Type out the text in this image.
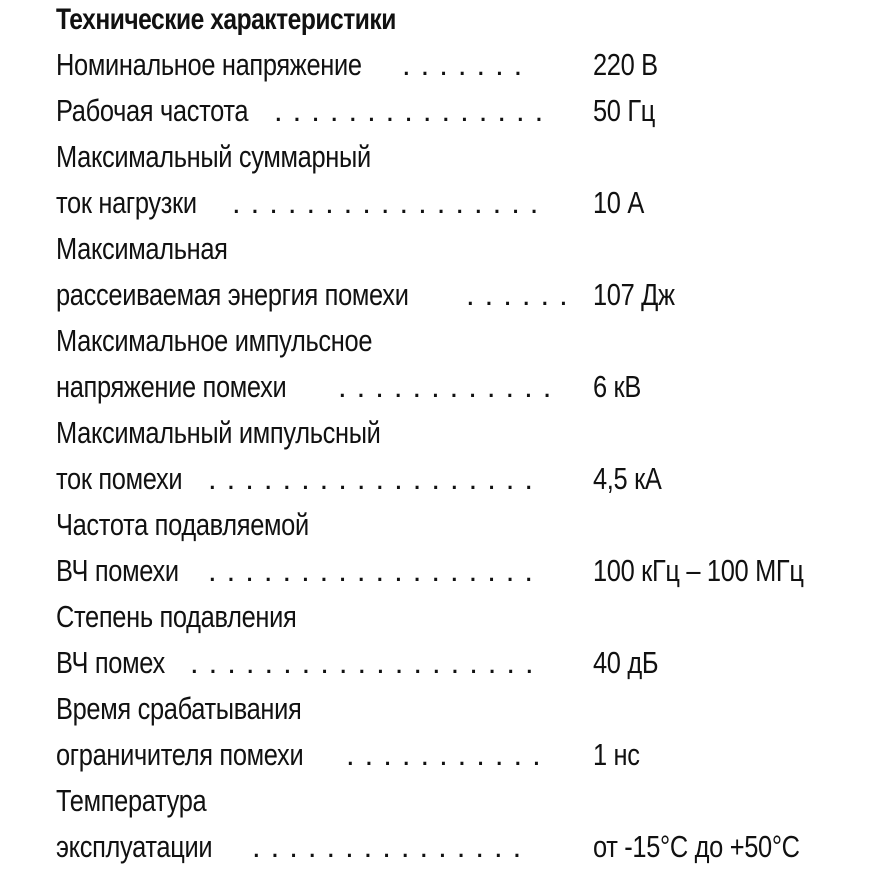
Технические характеристики
Номинальное напряжение ....... 220 В
Рабочая частота ............... 50 Гц
Максимальный суммарный
ток нагрузки ................. 10 А
Максимальная
рассеиваемая энергия помехи ...... 107 Дж
Максимальное импульсное
напряжение помехи ............ 6 кВ
Максимальный импульсный
ток помехи .................. 4,5 кА
Частота подавляемой
ВЧ помехи .................. 100 кГц – 100 МГц
Степень подавления
ВЧ помех ................... 40 дБ
Время срабатывания
ограничителя помехи ........... 1 нс
Температура
эксплуатации ............... от -15°С до +50°С
